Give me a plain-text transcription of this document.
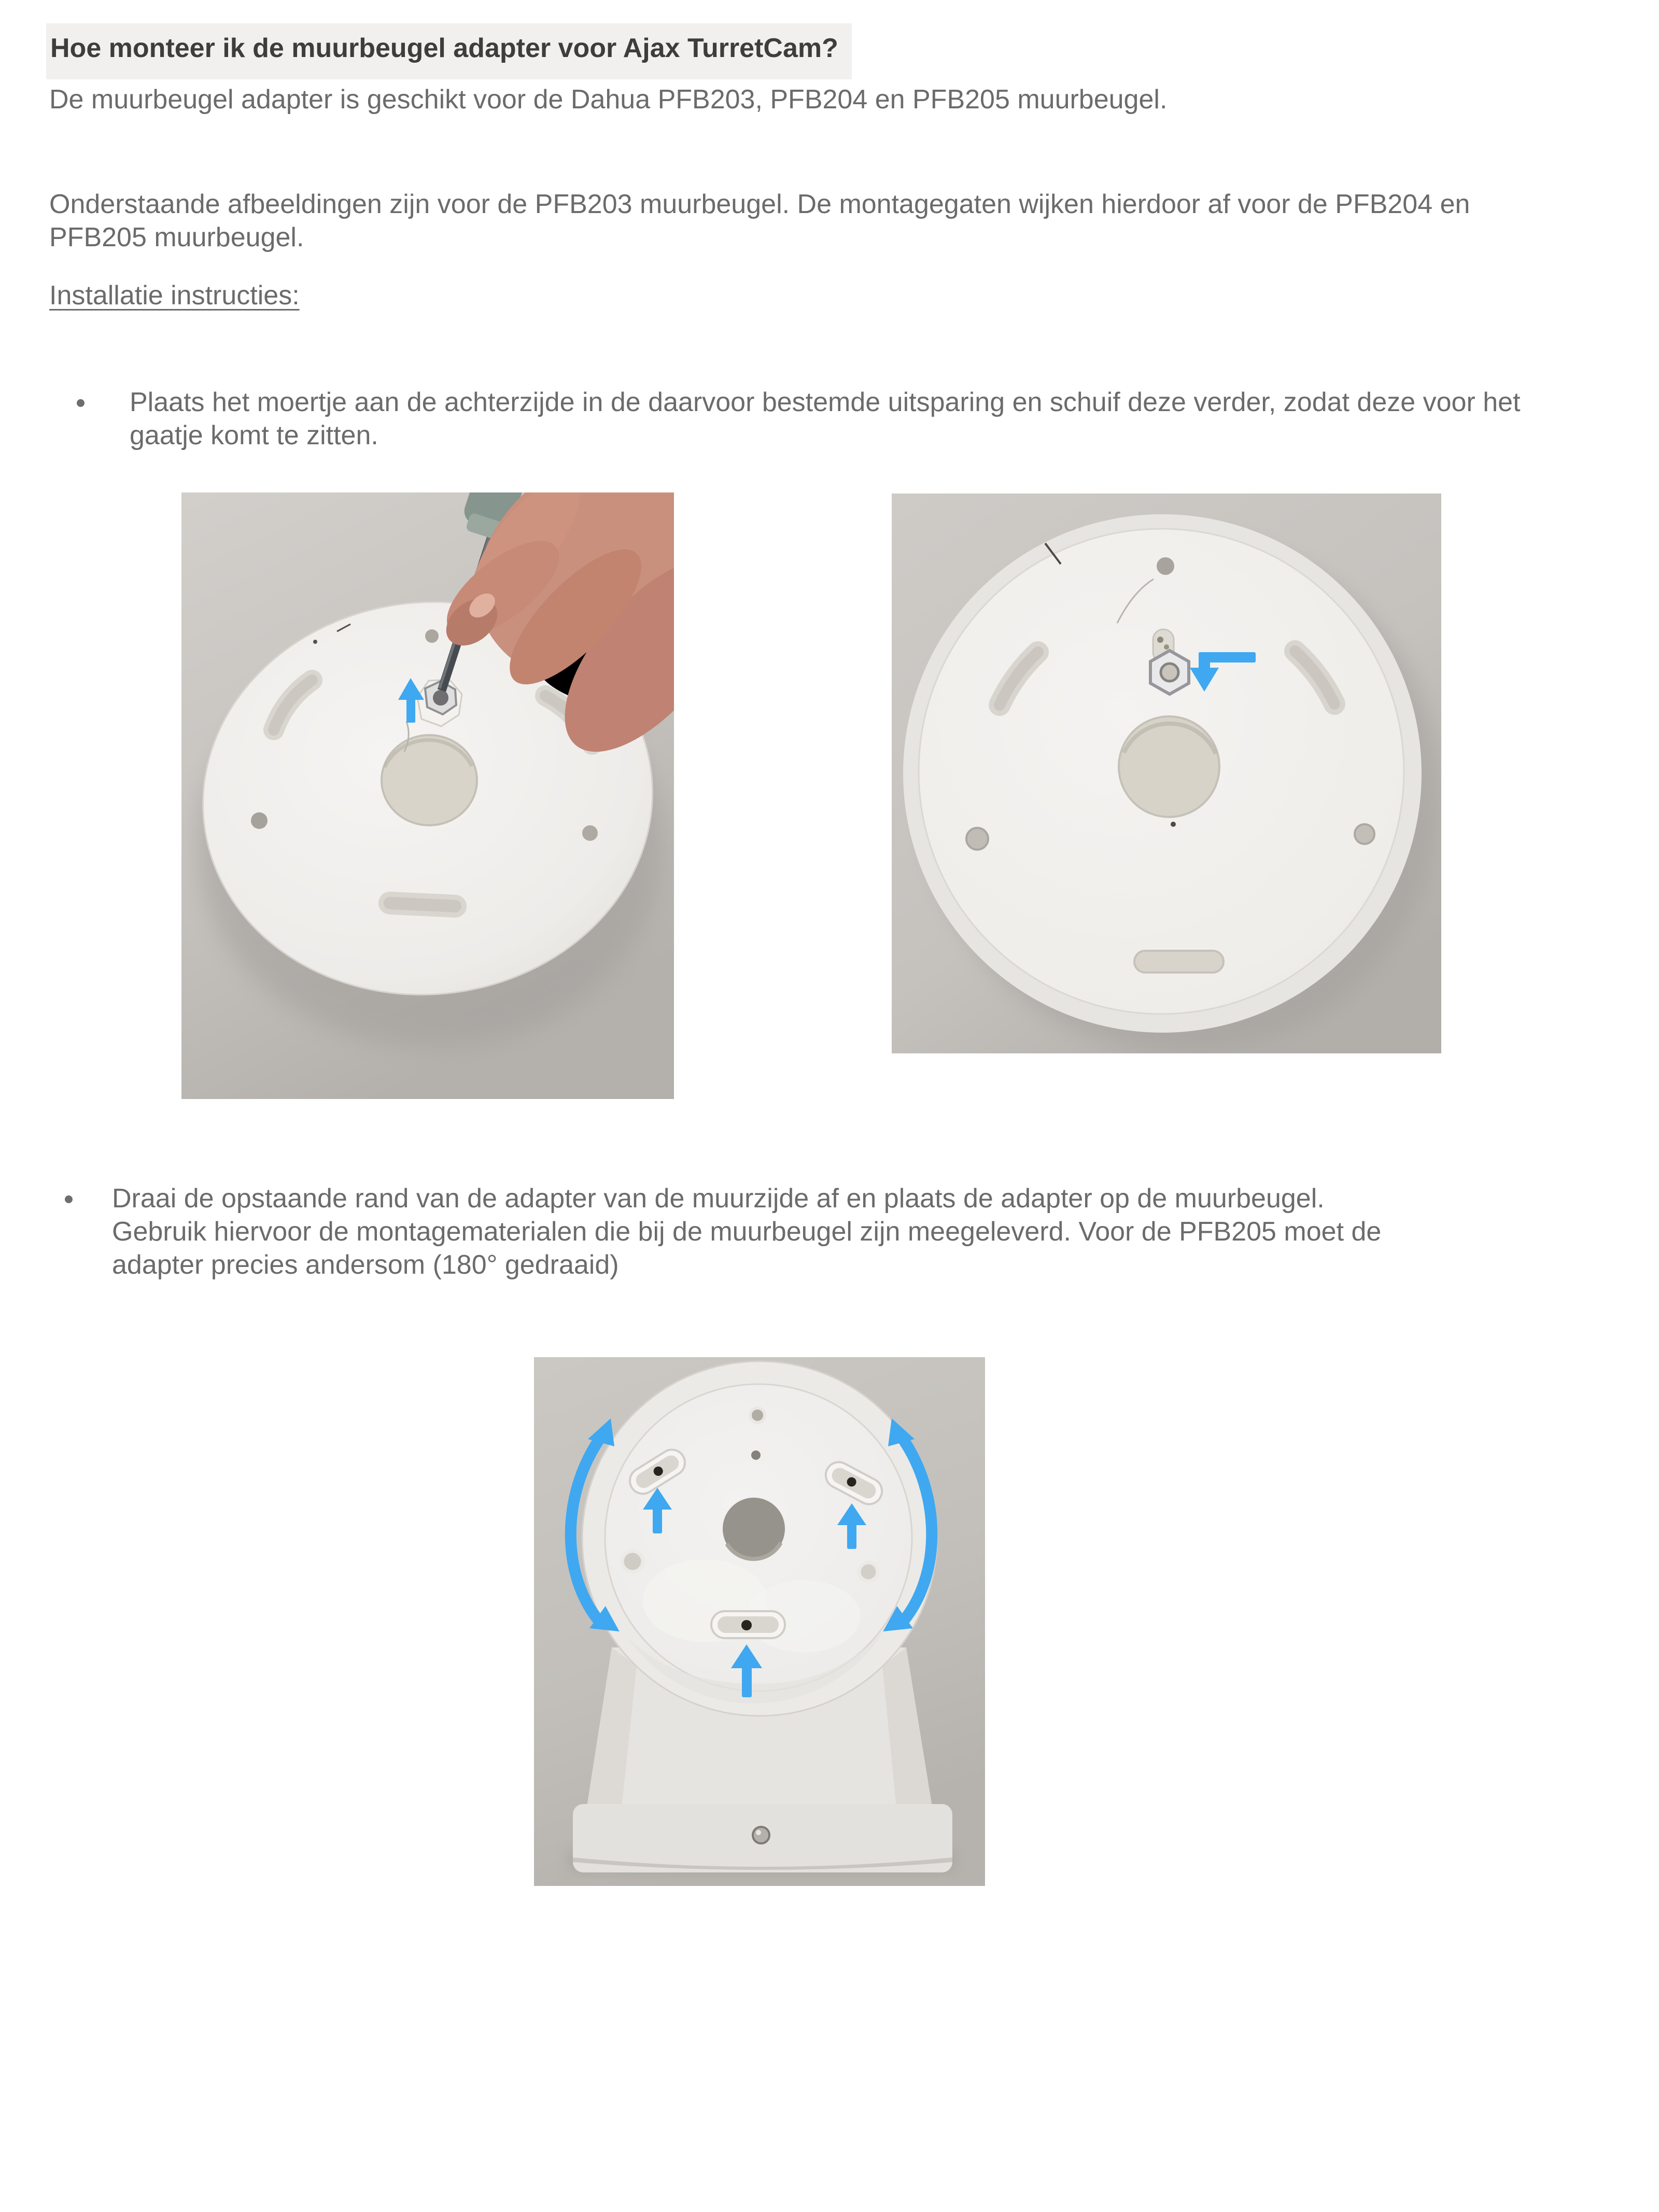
Hoe monteer ik de muurbeugel adapter voor Ajax TurretCam?
De muurbeugel adapter is geschikt voor de Dahua PFB203, PFB204 en PFB205 muurbeugel.
Onderstaande afbeeldingen zijn voor de PFB203 muurbeugel. De montagegaten wijken hierdoor af voor de PFB204 en
PFB205 muurbeugel.
Installatie instructies:
Plaats het moertje aan de achterzijde in de daarvoor bestemde uitsparing en schuif deze verder, zodat deze voor het
gaatje komt te zitten.
Draai de opstaande rand van de adapter van de muurzijde af en plaats de adapter op de muurbeugel.
Gebruik hiervoor de montagematerialen die bij de muurbeugel zijn meegeleverd. Voor de PFB205 moet de
adapter precies andersom (180° gedraaid)
